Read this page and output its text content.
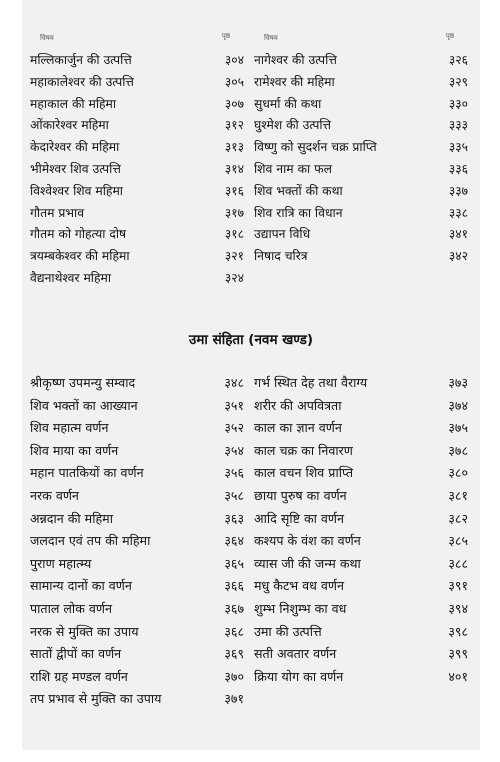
विषय	पृष्ठ
मल्लिकार्जुन की उत्पत्ति	३०४
महाकालेश्वर की उत्पत्ति	३०५
महाकाल की महिमा	३०७
ओंकारेश्वर महिमा	३१२
केदारेश्वर की महिमा	३१३
भीमेश्वर शिव उत्पत्ति	३१४
विश्वेश्वर शिव महिमा	३१६
गौतम प्रभाव	३१७
गौतम को गोहत्या दोष	३१८
त्रयम्बकेश्वर की महिमा	३२१
वैद्यनाथेश्वर महिमा	३२४
विषय	पृष्ठ
नागेश्वर की उत्पत्ति	३२६
रामेश्वर की महिमा	३२९
सुधर्मा की कथा	३३०
घुश्मेश की उत्पत्ति	३३३
विष्णु को सुदर्शन चक्र प्राप्ति	३३५
शिव नाम का फल	३३६
शिव भक्तों की कथा	३३७
शिव रात्रि का विधान	३३८
उद्यापन विधि	३४१
निषाद चरित्र	३४२
उमा संहिता (नवम खण्ड)
श्रीकृष्ण उपमन्यु सम्वाद	३४८
शिव भक्तों का आख्यान	३५१
शिव महात्म वर्णन	३५२
शिव माया का वर्णन	३५४
महान पातकियों का वर्णन	३५६
नरक वर्णन	३५८
अन्नदान की महिमा	३६३
जलदान एवं तप की महिमा	३६४
पुराण महात्म्य	३६५
सामान्य दानों का वर्णन	३६६
पाताल लोक वर्णन	३६७
नरक से मुक्ति का उपाय	३६८
सातों द्वीपों का वर्णन	३६९
राशि ग्रह मण्डल वर्णन	३७०
तप प्रभाव से मुक्ति का उपाय	३७१
गर्भ स्थित देह तथा वैराग्य	३७३
शरीर की अपवित्रता	३७४
काल का ज्ञान वर्णन	३७५
काल चक्र का निवारण	३७८
काल वचन शिव प्राप्ति	३८०
छाया पुरुष का वर्णन	३८१
आदि सृष्टि का वर्णन	३८२
कश्यप के वंश का वर्णन	३८५
व्यास जी की जन्म कथा	३८८
मधु कैटभ वध वर्णन	३९१
शुम्भ निशुम्भ का वध	३९४
उमा की उत्पत्ति	३९८
सती अवतार वर्णन	३९९
क्रिया योग का वर्णन	४०१
